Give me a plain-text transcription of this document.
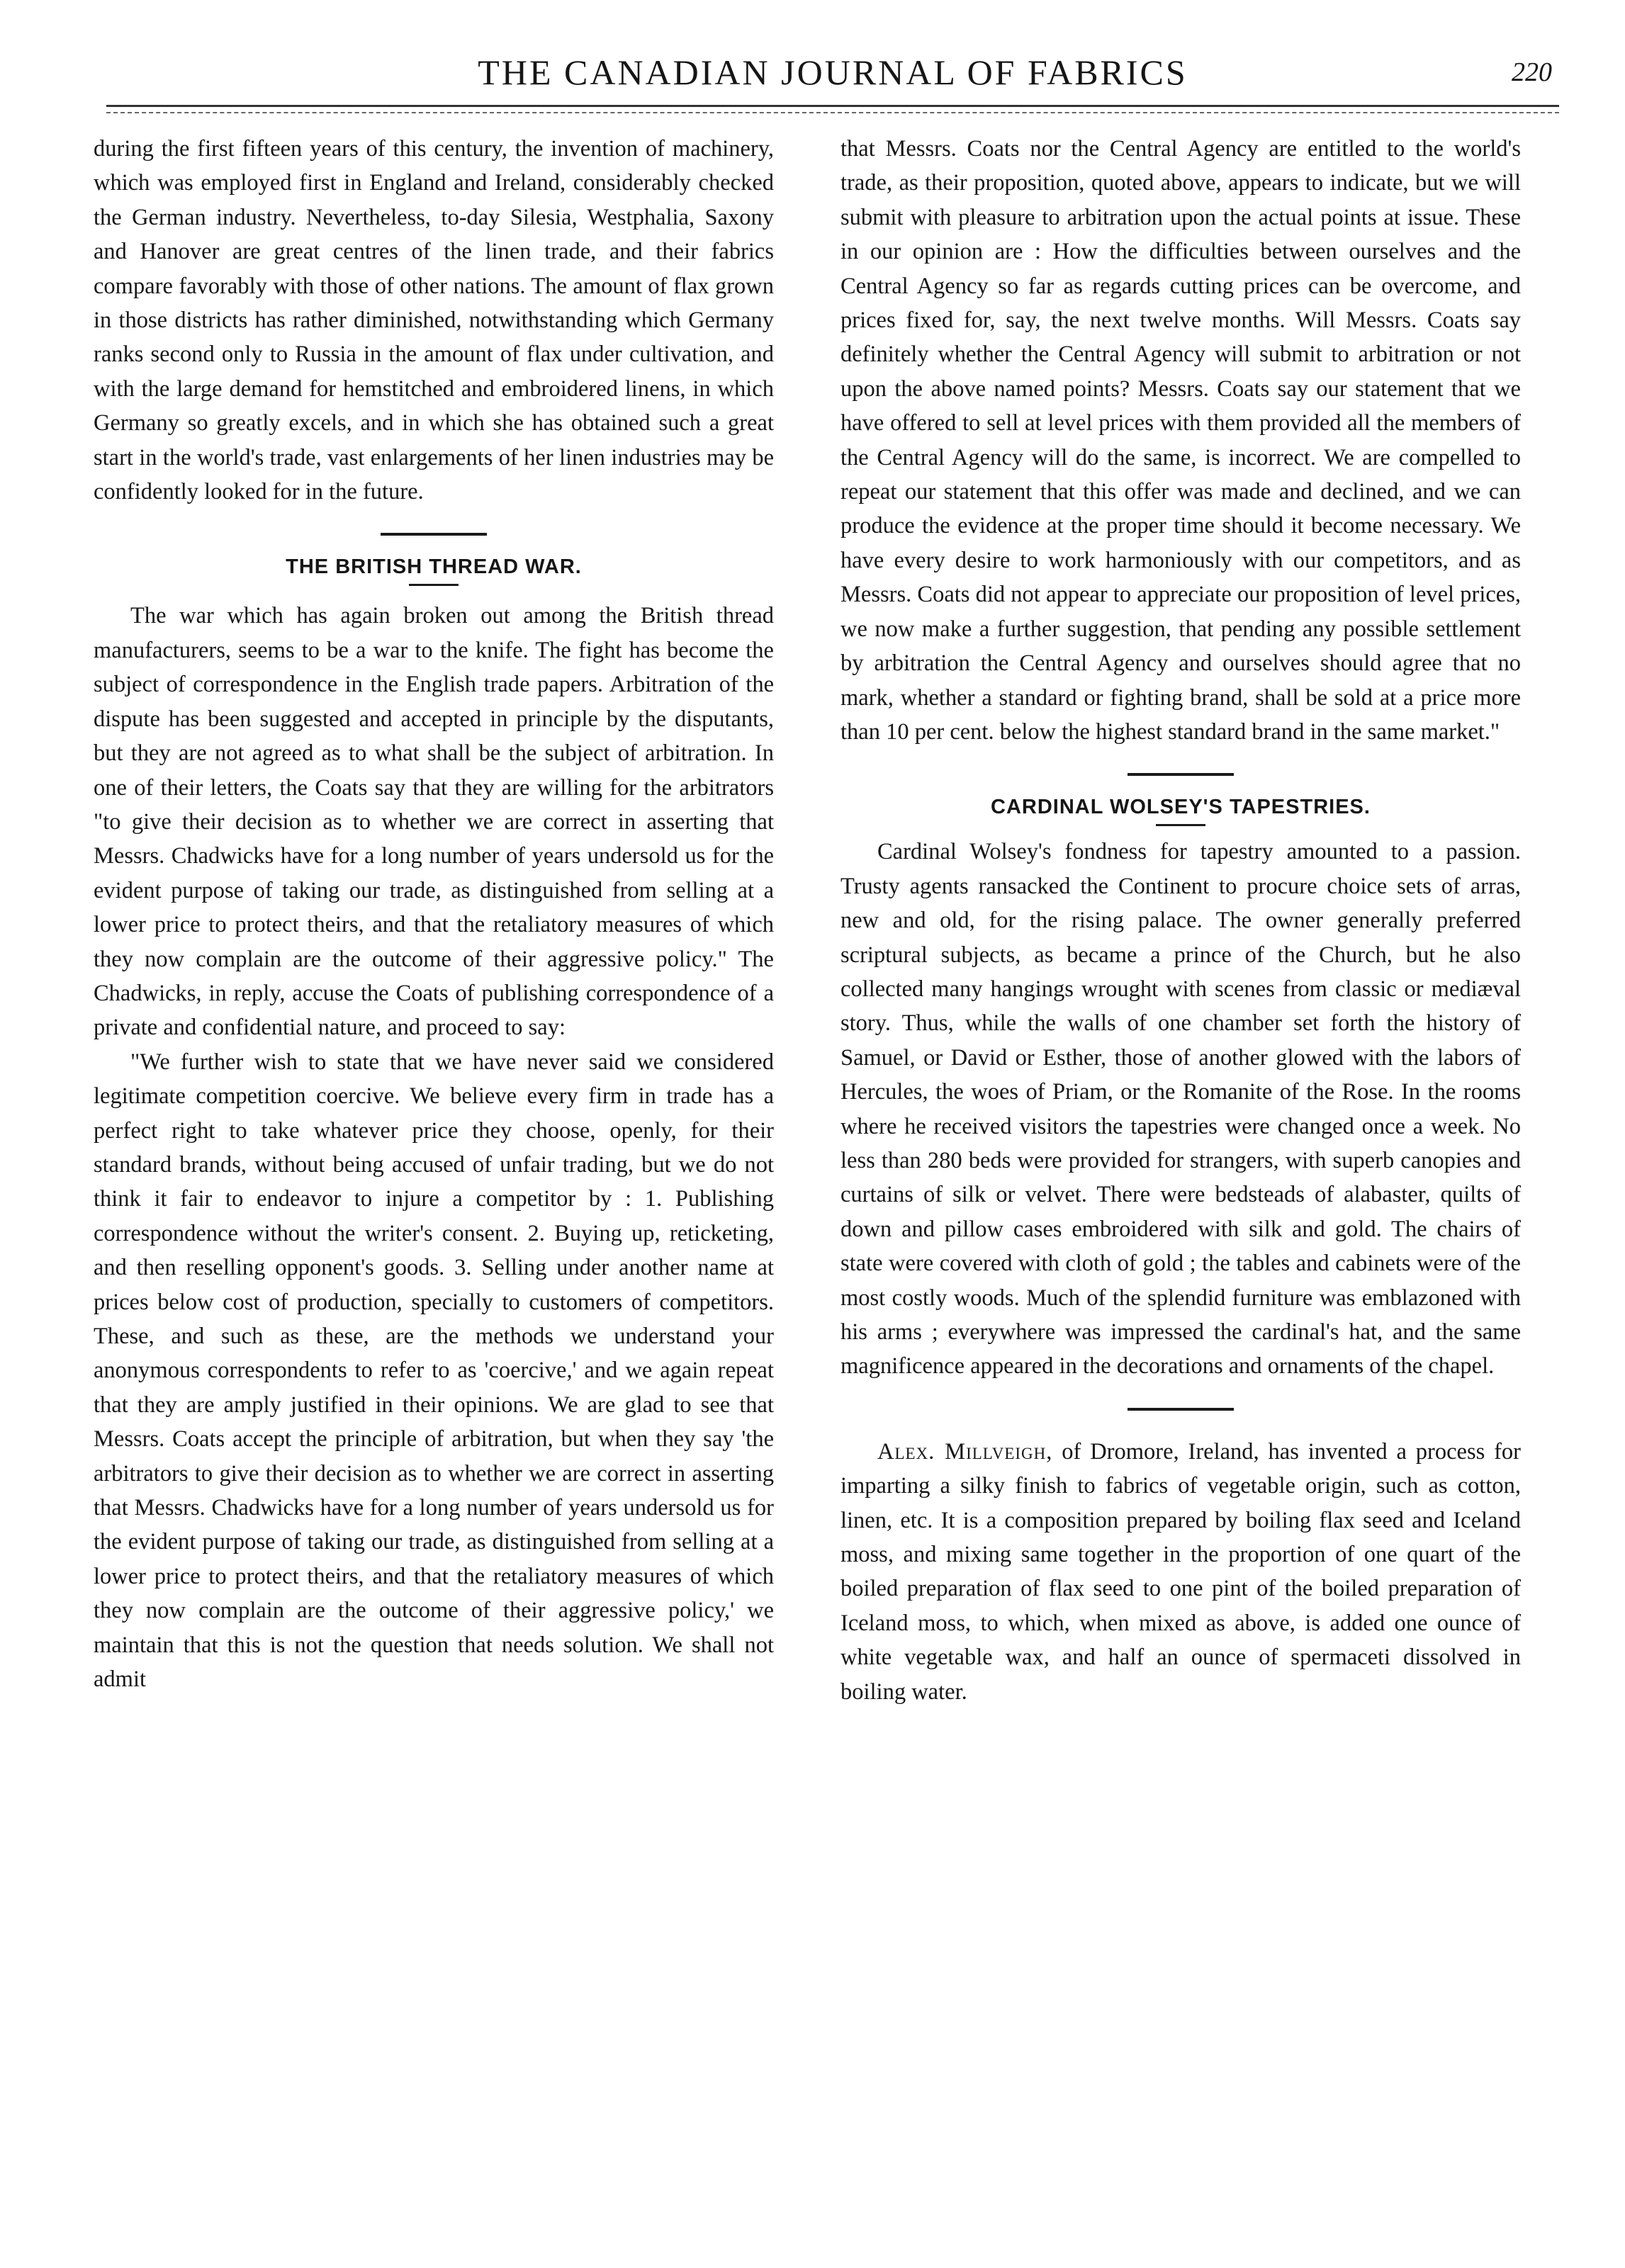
THE CANADIAN JOURNAL OF FABRICS	220

during the first fifteen years of this century, the invention of machinery, which was employed first in England and Ireland, considerably checked the German industry. Nevertheless, to-day Silesia, Westphalia, Saxony and Hanover are great centres of the linen trade, and their fabrics compare favorably with those of other nations. The amount of flax grown in those districts has rather diminished, notwithstanding which Germany ranks second only to Russia in the amount of flax under cultivation, and with the large demand for hemstitched and embroidered linens, in which Germany so greatly excels, and in which she has obtained such a great start in the world's trade, vast enlargements of her linen industries may be confidently looked for in the future.

THE BRITISH THREAD WAR.

The war which has again broken out among the British thread manufacturers, seems to be a war to the knife. The fight has become the subject of correspondence in the English trade papers. Arbitration of the dispute has been suggested and accepted in principle by the disputants, but they are not agreed as to what shall be the subject of arbitration. In one of their letters, the Coats say that they are willing for the arbitrators "to give their decision as to whether we are correct in asserting that Messrs. Chadwicks have for a long number of years undersold us for the evident purpose of taking our trade, as distinguished from selling at a lower price to protect theirs, and that the retaliatory measures of which they now complain are the outcome of their aggressive policy." The Chadwicks, in reply, accuse the Coats of publishing correspondence of a private and confidential nature, and proceed to say:

"We further wish to state that we have never said we considered legitimate competition coercive. We believe every firm in trade has a perfect right to take whatever price they choose, openly, for their standard brands, without being accused of unfair trading, but we do not think it fair to endeavor to injure a competitor by : 1. Publishing correspondence without the writer's consent. 2. Buying up, reticketing, and then reselling opponent's goods. 3. Selling under another name at prices below cost of production, specially to customers of competitors. These, and such as these, are the methods we understand your anonymous correspondents to refer to as 'coercive,' and we again repeat that they are amply justified in their opinions. We are glad to see that Messrs. Coats accept the principle of arbitration, but when they say 'the arbitrators to give their decision as to whether we are correct in asserting that Messrs. Chadwicks have for a long number of years undersold us for the evident purpose of taking our trade, as distinguished from selling at a lower price to protect theirs, and that the retaliatory measures of which they now complain are the outcome of their aggressive policy,' we maintain that this is not the question that needs solution. We shall not admit

that Messrs. Coats nor the Central Agency are entitled to the world's trade, as their proposition, quoted above, appears to indicate, but we will submit with pleasure to arbitration upon the actual points at issue. These in our opinion are : How the difficulties between ourselves and the Central Agency so far as regards cutting prices can be overcome, and prices fixed for, say, the next twelve months. Will Messrs. Coats say definitely whether the Central Agency will submit to arbitration or not upon the above named points? Messrs. Coats say our statement that we have offered to sell at level prices with them provided all the members of the Central Agency will do the same, is incorrect. We are compelled to repeat our statement that this offer was made and declined, and we can produce the evidence at the proper time should it become necessary. We have every desire to work harmoniously with our competitors, and as Messrs. Coats did not appear to appreciate our proposition of level prices, we now make a further suggestion, that pending any possible settlement by arbitration the Central Agency and ourselves should agree that no mark, whether a standard or fighting brand, shall be sold at a price more than 10 per cent. below the highest standard brand in the same market."

CARDINAL WOLSEY'S TAPESTRIES.

Cardinal Wolsey's fondness for tapestry amounted to a passion. Trusty agents ransacked the Continent to procure choice sets of arras, new and old, for the rising palace. The owner generally preferred scriptural subjects, as became a prince of the Church, but he also collected many hangings wrought with scenes from classic or mediæval story. Thus, while the walls of one chamber set forth the history of Samuel, or David or Esther, those of another glowed with the labors of Hercules, the woes of Priam, or the Romanite of the Rose. In the rooms where he received visitors the tapestries were changed once a week. No less than 280 beds were provided for strangers, with superb canopies and curtains of silk or velvet. There were bedsteads of alabaster, quilts of down and pillow cases embroidered with silk and gold. The chairs of state were covered with cloth of gold ; the tables and cabinets were of the most costly woods. Much of the splendid furniture was emblazoned with his arms ; everywhere was impressed the cardinal's hat, and the same magnificence appeared in the decorations and ornaments of the chapel.

Alex. Millveigh, of Dromore, Ireland, has invented a process for imparting a silky finish to fabrics of vegetable origin, such as cotton, linen, etc. It is a composition prepared by boiling flax seed and Iceland moss, and mixing same together in the proportion of one quart of the boiled preparation of flax seed to one pint of the boiled preparation of Iceland moss, to which, when mixed as above, is added one ounce of white vegetable wax, and half an ounce of spermaceti dissolved in boiling water.
